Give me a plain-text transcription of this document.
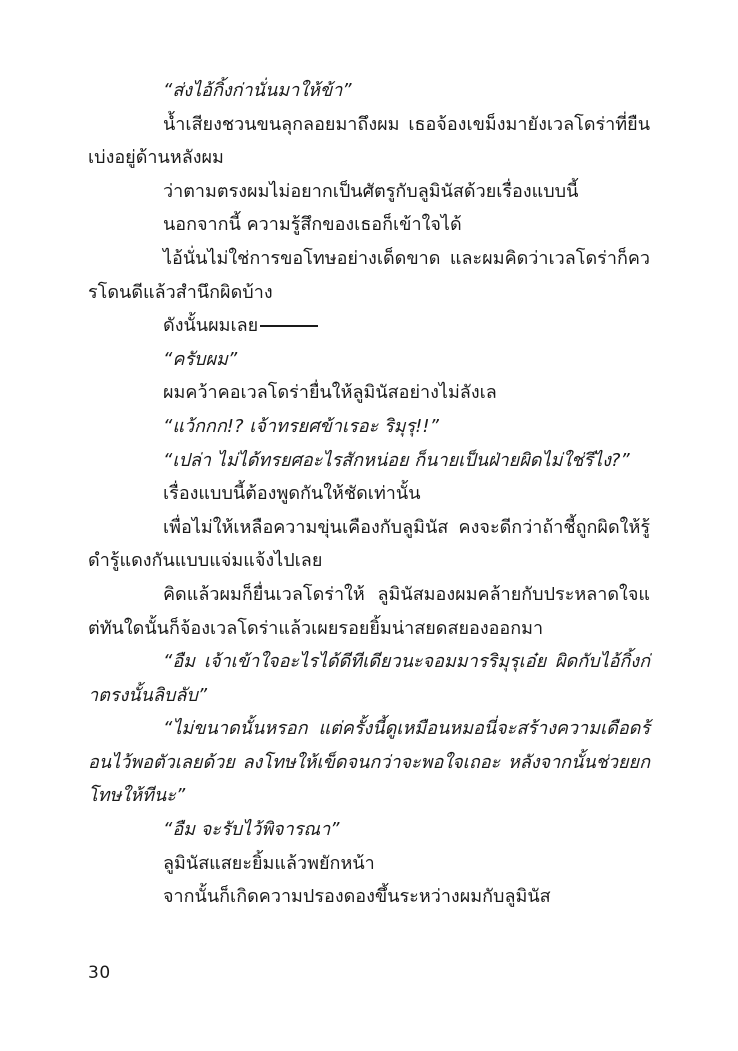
“ส่งไอ้กิ้งก่านั่นมาให้ข้า”

น้ำเสียงชวนขนลุกลอยมาถึงผม เธอจ้องเขม็งมายังเวลโดร่าที่ยืนเบ่งอยู่ด้านหลังผม

ว่าตามตรงผมไม่อยากเป็นศัตรูกับลูมินัสด้วยเรื่องแบบนี้

นอกจากนี้ ความรู้สึกของเธอก็เข้าใจได้

ไอ้นั่นไม่ใช่การขอโทษอย่างเด็ดขาด และผมคิดว่าเวลโดร่าก็ควรโดนดีแล้วสำนึกผิดบ้าง

ดังนั้นผมเลย

“ครับผม”

ผมคว้าคอเวลโดร่ายื่นให้ลูมินัสอย่างไม่ลังเล

“แว้กกก!? เจ้าทรยศข้าเรอะ ริมุรุ!!”

“เปล่า ไม่ได้ทรยศอะไรสักหน่อย ก็นายเป็นฝ่ายผิดไม่ใช่รึไง?”

เรื่องแบบนี้ต้องพูดกันให้ชัดเท่านั้น

เพื่อไม่ให้เหลือความขุ่นเคืองกับลูมินัส คงจะดีกว่าถ้าชี้ถูกผิดให้รู้ดำรู้แดงกันแบบแจ่มแจ้งไปเลย

คิดแล้วผมก็ยื่นเวลโดร่าให้ ลูมินัสมองผมคล้ายกับประหลาดใจแต่ทันใดนั้นก็จ้องเวลโดร่าแล้วเผยรอยยิ้มน่าสยดสยองออกมา

“อืม เจ้าเข้าใจอะไรได้ดีทีเดียวนะจอมมารริมุรุเอ๋ย ผิดกับไอ้กิ้งก่าตรงนั้นลิบลับ”

“ไม่ขนาดนั้นหรอก แต่ครั้งนี้ดูเหมือนหมอนี่จะสร้างความเดือดร้อนไว้พอตัวเลยด้วย ลงโทษให้เข็ดจนกว่าจะพอใจเถอะ หลังจากนั้นช่วยยกโทษให้ทีนะ”

“อืม จะรับไว้พิจารณา”

ลูมินัสแสยะยิ้มแล้วพยักหน้า

จากนั้นก็เกิดความปรองดองขึ้นระหว่างผมกับลูมินัส

30
